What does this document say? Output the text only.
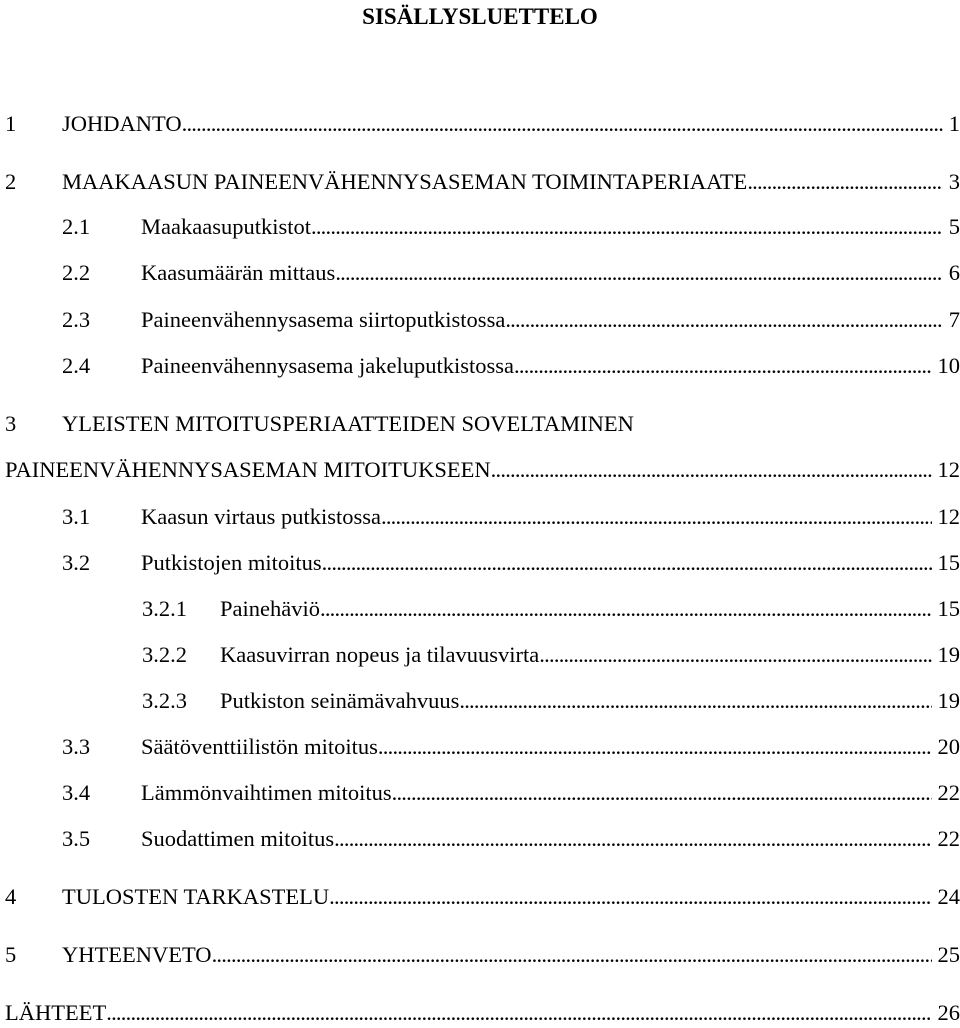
SISÄLLYSLUETTELO
1	JOHDANTO . . .	1
2	MAAKAASUN PAINEENVÄHENNYSASEMAN TOIMINTAPERIAATE . . .	3
2.1	Maakaasuputkistot . . .	5
2.2	Kaasumäärän mittaus . . .	6
2.3	Paineenvähennysasema siirtoputkistossa . . .	7
2.4	Paineenvähennysasema jakeluputkistossa . . .	10
3 YLEISTEN MITOITUSPERIAATTEIDEN SOVELTAMINEN
PAINEENVÄHENNYSASEMAN MITOITUKSEEN . . .	12
3.1	Kaasun virtaus putkistossa . . .	12
3.2	Putkistojen mitoitus . . .	15
3.2.1	Painehäviö . . .	15
3.2.2	Kaasuvirran nopeus ja tilavuusvirta . . .	19
3.2.3	Putkiston seinämävahvuus . . .	19
3.3	Säätöventtiilistön mitoitus . . .	20
3.4	Lämmönvaihtimen mitoitus . . .	22
3.5	Suodattimen mitoitus . . .	22
4	TULOSTEN TARKASTELU . . .	24
5	YHTEENVETO . . .	25
LÄHTEET . . .	26
